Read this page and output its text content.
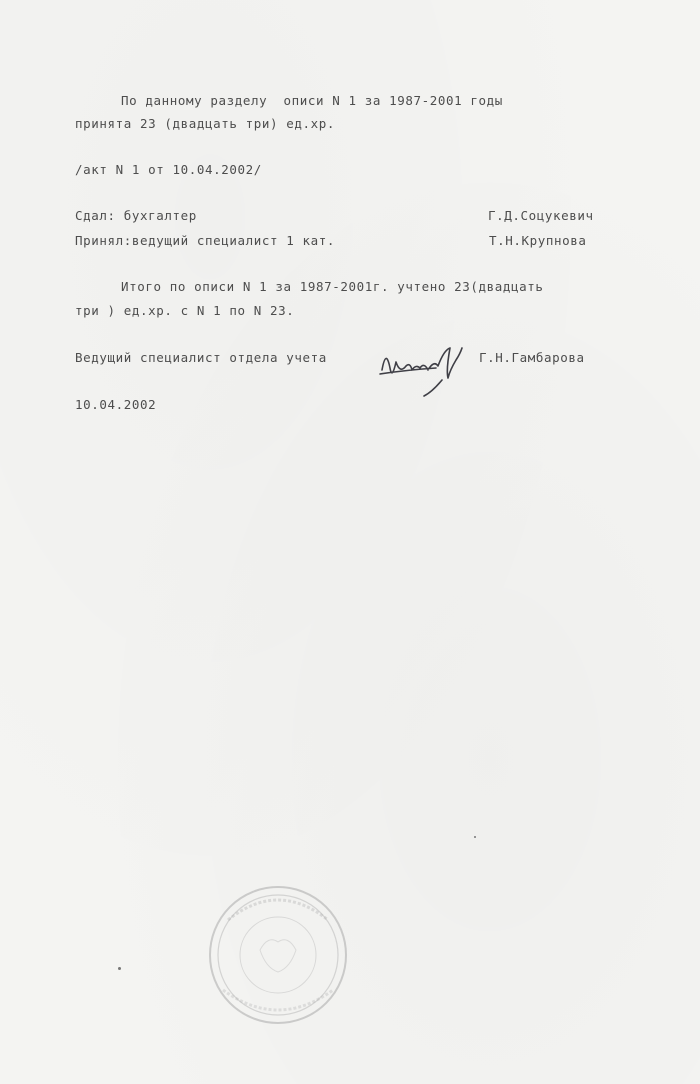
По данному разделу  описи N 1 за 1987-2001 годы
принята 23 (двадцать три) ед.хр.
/акт N 1 от 10.04.2002/
Сдал: бухгалтер	Г.Д.Соцукевич
Принял:ведущий специалист 1 кат.	Т.Н.Крупнова
Итого по описи N 1 за 1987-2001г. учтено 23(двадцать
три ) ед.хр. с N 1 по N 23.
Ведущий специалист отдела учета	Г.Н.Гамбарова
10.04.2002
